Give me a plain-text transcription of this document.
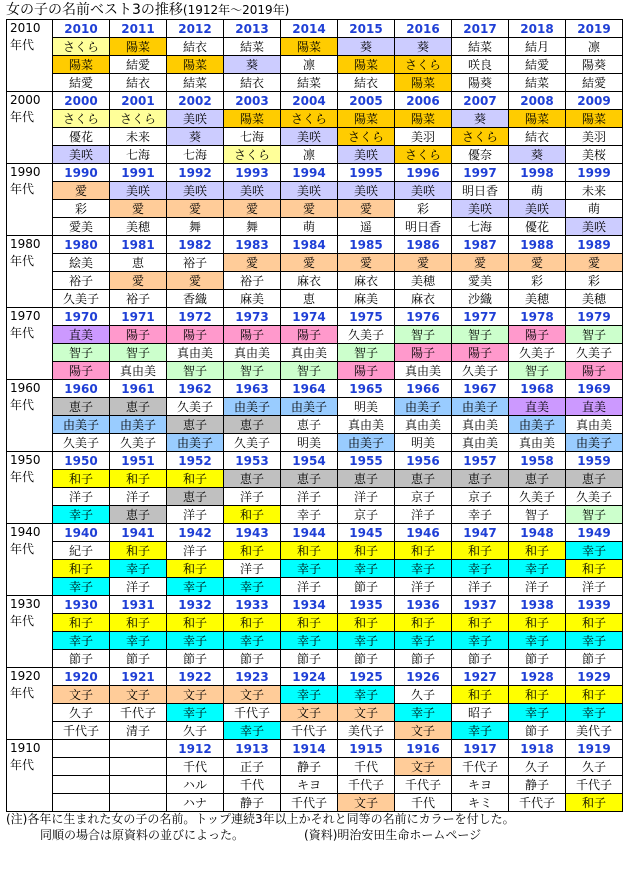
女の子の名前ベスト3の推移(1912年～2019年)
2010年代	2010	2011	2012	2013	2014	2015	2016	2017	2018	2019
	さくら	陽菜	結衣	結菜	陽菜	葵	葵	結菜	結月	凛
	陽菜	結愛	陽菜	葵	凛	陽菜	さくら	咲良	結愛	陽葵
	結愛	結衣	結菜	結衣	結菜	結衣	陽菜	陽葵	結菜	結愛
2000年代	2000	2001	2002	2003	2004	2005	2006	2007	2008	2009
	さくら	さくら	美咲	陽菜	さくら	陽菜	陽菜	葵	陽菜	陽菜
	優花	未来	葵	七海	美咲	さくら	美羽	さくら	結衣	美羽
	美咲	七海	七海	さくら	凛	美咲	さくら	優奈	葵	美桜
1990年代	1990	1991	1992	1993	1994	1995	1996	1997	1998	1999
	愛	美咲	美咲	美咲	美咲	美咲	美咲	明日香	萌	未来
	彩	愛	愛	愛	愛	愛	彩	美咲	美咲	萌
	愛美	美穂	舞	舞	萌	遥	明日香	七海	優花	美咲
1980年代	1980	1981	1982	1983	1984	1985	1986	1987	1988	1989
	絵美	恵	裕子	愛	愛	愛	愛	愛	愛	愛
	裕子	愛	愛	裕子	麻衣	麻衣	美穂	愛美	彩	彩
	久美子	裕子	香織	麻美	恵	麻美	麻衣	沙織	美穂	美穂
1970年代	1970	1971	1972	1973	1974	1975	1976	1977	1978	1979
	直美	陽子	陽子	陽子	陽子	久美子	智子	智子	陽子	智子
	智子	智子	真由美	真由美	真由美	智子	陽子	陽子	久美子	久美子
	陽子	真由美	智子	智子	智子	陽子	真由美	久美子	智子	陽子
1960年代	1960	1961	1962	1963	1964	1965	1966	1967	1968	1969
	恵子	恵子	久美子	由美子	由美子	明美	由美子	由美子	直美	直美
	由美子	由美子	恵子	恵子	恵子	真由美	真由美	真由美	由美子	真由美
	久美子	久美子	由美子	久美子	明美	由美子	明美	真由美	真由美	由美子
1950年代	1950	1951	1952	1953	1954	1955	1956	1957	1958	1959
	和子	和子	和子	恵子	恵子	恵子	恵子	恵子	恵子	恵子
	洋子	洋子	恵子	洋子	洋子	洋子	京子	京子	久美子	久美子
	幸子	恵子	洋子	和子	幸子	京子	洋子	幸子	智子	智子
1940年代	1940	1941	1942	1943	1944	1945	1946	1947	1948	1949
	紀子	和子	洋子	和子	和子	和子	和子	和子	和子	幸子
	和子	幸子	和子	洋子	幸子	幸子	幸子	幸子	幸子	和子
	幸子	洋子	幸子	幸子	洋子	節子	洋子	洋子	洋子	洋子
1930年代	1930	1931	1932	1933	1934	1935	1936	1937	1938	1939
	和子	和子	和子	和子	和子	和子	和子	和子	和子	和子
	幸子	幸子	幸子	幸子	幸子	幸子	幸子	幸子	幸子	幸子
	節子	節子	節子	節子	節子	節子	節子	節子	節子	節子
1920年代	1920	1921	1922	1923	1924	1925	1926	1927	1928	1929
	文子	文子	文子	文子	幸子	幸子	久子	和子	和子	和子
	久子	千代子	幸子	千代子	文子	文子	幸子	昭子	幸子	幸子
	千代子	清子	久子	幸子	千代子	美代子	文子	幸子	節子	美代子
1910年代			1912	1913	1914	1915	1916	1917	1918	1919
			千代	正子	静子	千代	文子	千代子	久子	久子
			ハル	千代	キヨ	千代子	千代子	キヨ	静子	千代子
			ハナ	静子	千代子	文子	千代	キミ	千代子	和子
(注)各年に生まれた女の子の名前。トップ連続3年以上かそれと同等の名前にカラーを付した。
同順の場合は原資料の並びによった。	(資料)明治安田生命ホームページ
